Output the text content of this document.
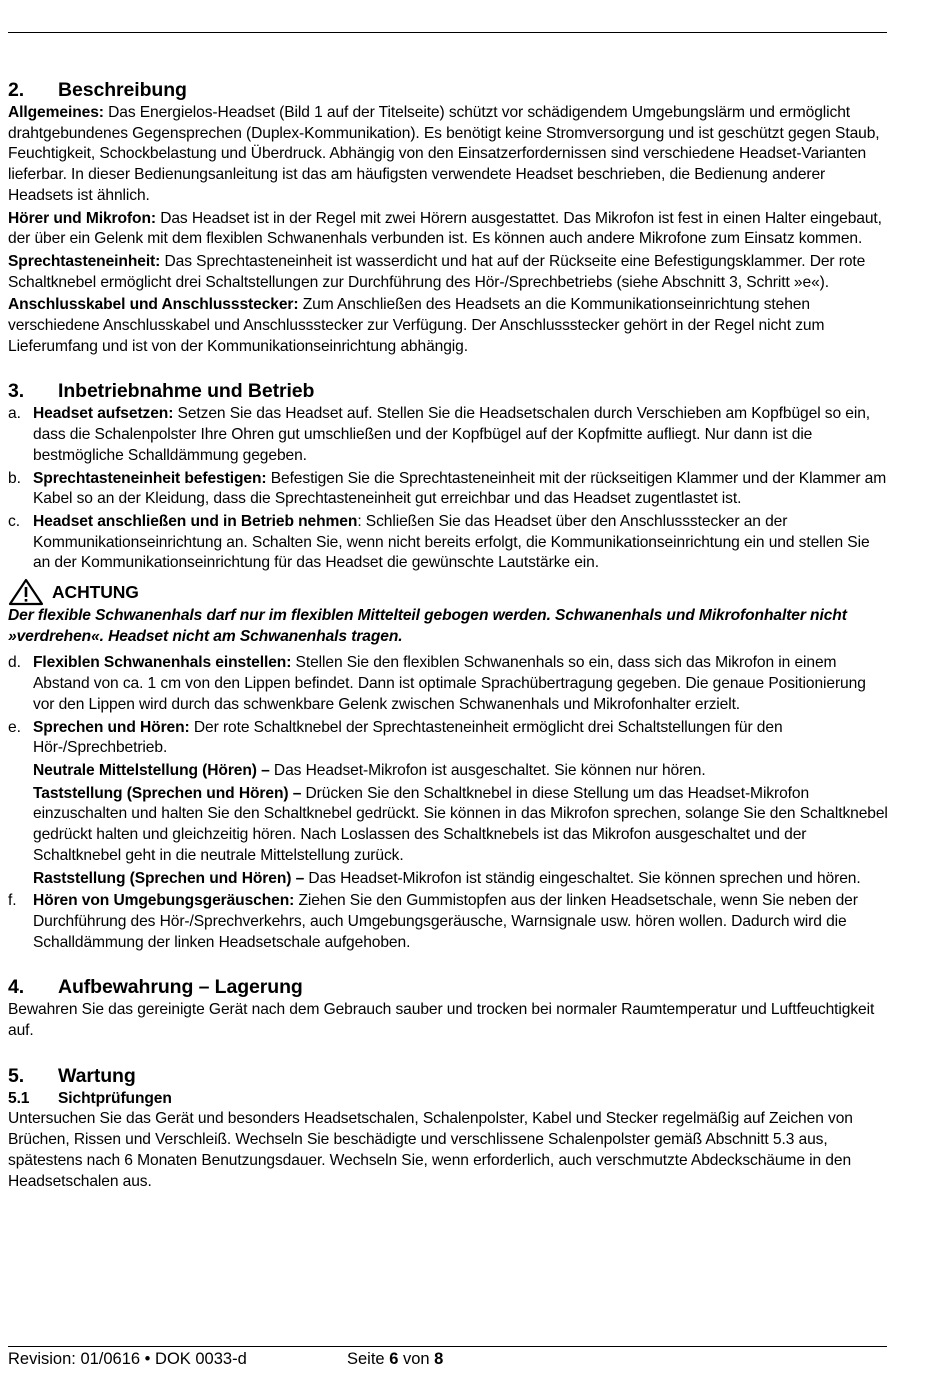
2.	Beschreibung

Allgemeines: Das Energielos-Headset (Bild 1 auf der Titelseite) schützt vor schädigendem Umgebungslärm und ermöglicht drahtgebundenes Gegensprechen (Duplex-Kommunikation). Es benötigt keine Stromversorgung und ist geschützt gegen Staub, Feuchtigkeit, Schockbelastung und Überdruck. Abhängig von den Einsatzerfordernissen sind verschiedene Headset-Varianten lieferbar. In dieser Bedienungsanleitung ist das am häufigsten verwendete Headset beschrieben, die Bedienung anderer Headsets ist ähnlich.

Hörer und Mikrofon: Das Headset ist in der Regel mit zwei Hörern ausgestattet. Das Mikrofon ist fest in einen Halter eingebaut, der über ein Gelenk mit dem flexiblen Schwanenhals verbunden ist. Es können auch andere Mikrofone zum Einsatz kommen.

Sprechtasteneinheit: Das Sprechtasteneinheit ist wasserdicht und hat auf der Rückseite eine Befestigungsklammer. Der rote Schaltknebel ermöglicht drei Schaltstellungen zur Durchführung des Hör-/Sprechbetriebs (siehe Abschnitt 3, Schritt »e«).

Anschlusskabel und Anschlussstecker: Zum Anschließen des Headsets an die Kommunikationseinrichtung stehen verschiedene Anschlusskabel und Anschlussstecker zur Verfügung. Der Anschlussstecker gehört in der Regel nicht zum Lieferumfang und ist von der Kommunikationseinrichtung abhängig.

3.	Inbetriebnahme und Betrieb
a. Headset aufsetzen: Setzen Sie das Headset auf. Stellen Sie die Headsetschalen durch Verschieben am Kopfbügel so ein, dass die Schalenpolster Ihre Ohren gut umschließen und der Kopfbügel auf der Kopfmitte aufliegt. Nur dann ist die bestmögliche Schalldämmung gegeben.
b. Sprechtasteneinheit befestigen: Befestigen Sie die Sprechtasteneinheit mit der rückseitigen Klammer und der Klammer am Kabel so an der Kleidung, dass die Sprechtasteneinheit gut erreichbar und das Headset zugentlastet ist.
c. Headset anschließen und in Betrieb nehmen: Schließen Sie das Headset über den Anschlussstecker an der Kommunikationseinrichtung an. Schalten Sie, wenn nicht bereits erfolgt, die Kommunikationseinrichtung ein und stellen Sie an der Kommunikationseinrichtung für das Headset die gewünschte Lautstärke ein.
ACHTUNG

Der flexible Schwanenhals darf nur im flexiblen Mittelteil gebogen werden. Schwanenhals und Mikrofonhalter nicht »verdrehen«. Headset nicht am Schwanenhals tragen.

d. Flexiblen Schwanenhals einstellen: Stellen Sie den flexiblen Schwanenhals so ein, dass sich das Mikrofon in einem Abstand von ca. 1 cm von den Lippen befindet. Dann ist optimale Sprachübertragung gegeben. Die genaue Positionierung vor den Lippen wird durch das schwenkbare Gelenk zwischen Schwanenhals und Mikrofonhalter erzielt.
e. Sprechen und Hören: Der rote Schaltknebel der Sprechtasteneinheit ermöglicht drei Schaltstellungen für den Hör-/Sprechbetrieb.

Neutrale Mittelstellung (Hören) – Das Headset-Mikrofon ist ausgeschaltet. Sie können nur hören.

Taststellung (Sprechen und Hören) – Drücken Sie den Schaltknebel in diese Stellung um das Headset-Mikrofon einzuschalten und halten Sie den Schaltknebel gedrückt. Sie können in das Mikrofon sprechen, solange Sie den Schaltknebel gedrückt halten und gleichzeitig hören. Nach Loslassen des Schaltknebels ist das Mikrofon ausgeschaltet und der Schaltknebel geht in die neutrale Mittelstellung zurück.

Raststellung (Sprechen und Hören) – Das Headset-Mikrofon ist ständig eingeschaltet. Sie können sprechen und hören.

f.	Hören von Umgebungsgeräuschen: Ziehen Sie den Gummistopfen aus der linken Headsetschale, wenn Sie neben der Durchführung des Hör-/Sprechverkehrs, auch Umgebungsgeräusche, Warnsignale usw. hören wollen. Dadurch wird die Schalldämmung der linken Headsetschale aufgehoben.
4.	Aufbewahrung – Lagerung

Bewahren Sie das gereinigte Gerät nach dem Gebrauch sauber und trocken bei normaler Raumtemperatur und Luftfeuchtigkeit auf.

5.	Wartung
5.1	Sichtprüfungen

Untersuchen Sie das Gerät und besonders Headsetschalen, Schalenpolster, Kabel und Stecker regelmäßig auf Zeichen von Brüchen, Rissen und Verschleiß. Wechseln Sie beschädigte und verschlissene Schalenpolster gemäß Abschnitt 5.3 aus, spätestens nach 6 Monaten Benutzungsdauer. Wechseln Sie, wenn erforderlich, auch verschmutzte Abdeckschäume in den Headsetschalen aus.

Revision: 01/0616 • DOK 0033-d	Seite 6 von 8
